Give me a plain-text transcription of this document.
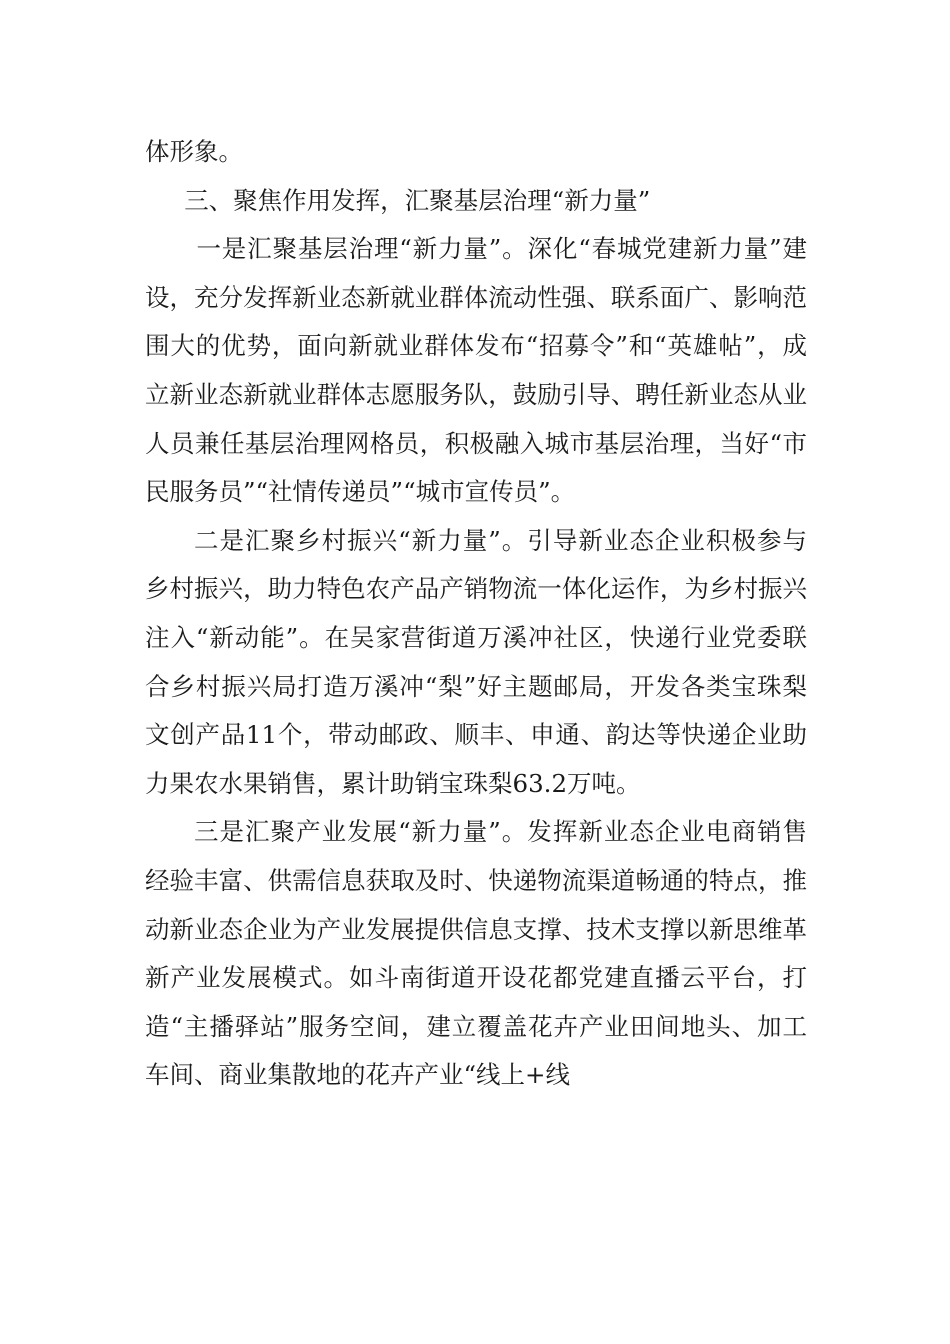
体形象。

三、聚焦作用发挥，汇聚基层治理“新力量”

一是汇聚基层治理“新力量”。深化“春城党建新力量”建设，充分发挥新业态新就业群体流动性强、联系面广、影响范围大的优势，面向新就业群体发布“招募令”和“英雄帖”，成立新业态新就业群体志愿服务队，鼓励引导、聘任新业态从业人员兼任基层治理网格员，积极融入城市基层治理，当好“市民服务员”“社情传递员”“城市宣传员”。

二是汇聚乡村振兴“新力量”。引导新业态企业积极参与乡村振兴，助力特色农产品产销物流一体化运作，为乡村振兴注入“新动能”。在吴家营街道万溪冲社区，快递行业党委联合乡村振兴局打造万溪冲“梨”好主题邮局，开发各类宝珠梨文创产品11个，带动邮政、顺丰、申通、韵达等快递企业助力果农水果销售，累计助销宝珠梨63.2万吨。

三是汇聚产业发展“新力量”。发挥新业态企业电商销售经验丰富、供需信息获取及时、快递物流渠道畅通的特点，推动新业态企业为产业发展提供信息支撑、技术支撑以新思维革新产业发展模式。如斗南街道开设花都党建直播云平台，打造“主播驿站”服务空间，建立覆盖花卉产业田间地头、加工车间、商业集散地的花卉产业“线上+线
